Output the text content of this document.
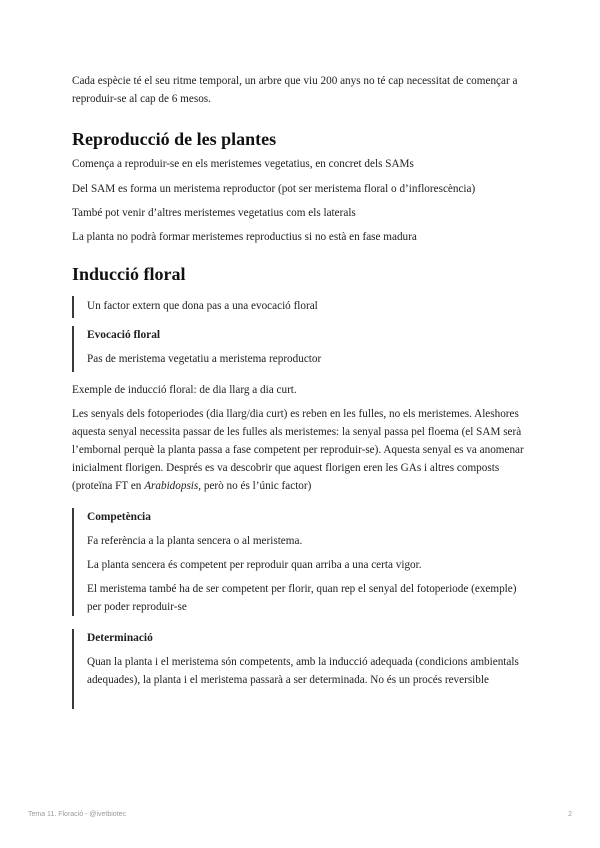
Cada espècie té el seu ritme temporal, un arbre que viu 200 anys no té cap necessitat de començar a reproduir-se al cap de 6 mesos.

Reproducció de les plantes

Comença a reproduir-se en els meristemes vegetatius, en concret dels SAMs

Del SAM es forma un meristema reproductor (pot ser meristema floral o d’inflorescència)

També pot venir d’altres meristemes vegetatius com els laterals

La planta no podrà formar meristemes reproductius si no està en fase madura

Inducció floral

Un factor extern que dona pas a una evocació floral

Evocació floral

Pas de meristema vegetatiu a meristema reproductor

Exemple de inducció floral: de dia llarg a dia curt.

Les senyals dels fotoperiodes (dia llarg/dia curt) es reben en les fulles, no els meristemes. Aleshores aquesta senyal necessita passar de les fulles als meristemes: la senyal passa pel floema (el SAM serà l’embornal perquè la planta passa a fase competent per reproduir-se). Aquesta senyal es va anomenar inicialment florigen. Després es va descobrir que aquest florigen eren les GAs i altres composts (proteïna FT en Arabidopsis, però no és l’únic factor)

Competència

Fa referència a la planta sencera o al meristema.

La planta sencera és competent per reproduir quan arriba a una certa vigor.

El meristema també ha de ser competent per florir, quan rep el senyal del fotoperiode (exemple) per poder reproduir-se

Determinació

Quan la planta i el meristema són competents, amb la inducció adequada (condicions ambientals adequades), la planta i el meristema passarà a ser determinada. No és un procés reversible

Tema 11. Floració - @ivetbiotec	2
